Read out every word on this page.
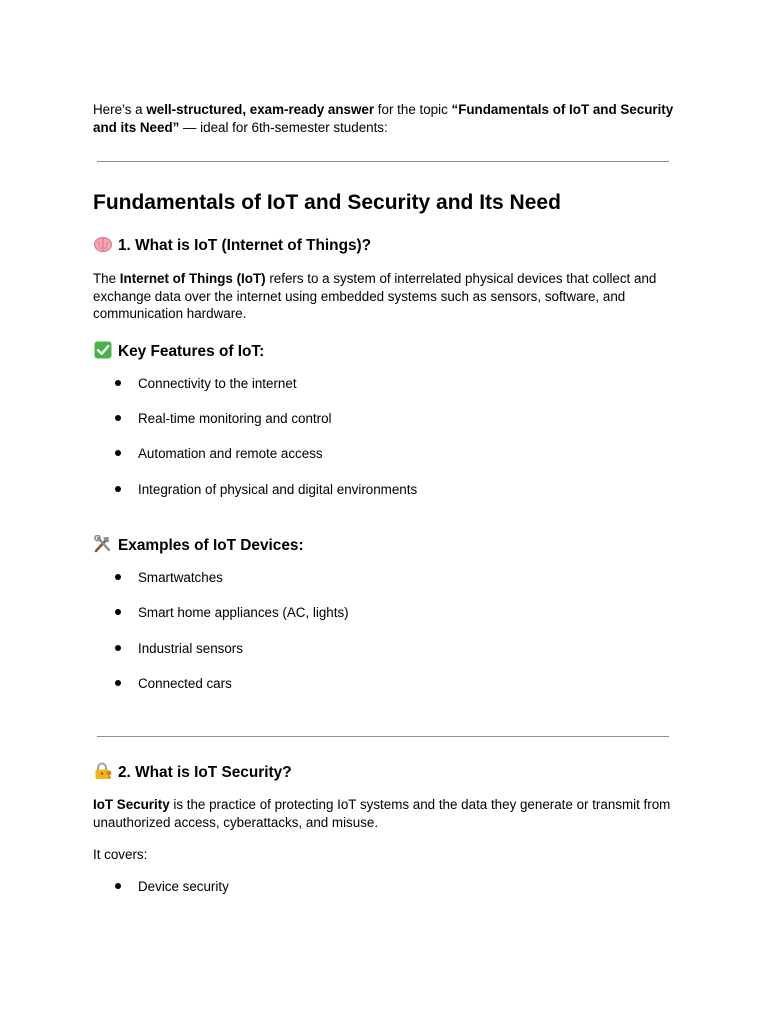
Here’s a well-structured, exam-ready answer for the topic “Fundamentals of IoT and Security and its Need” — ideal for 6th-semester students:

Fundamentals of IoT and Security and Its Need
1. What is IoT (Internet of Things)?

The Internet of Things (IoT) refers to a system of interrelated physical devices that collect and exchange data over the internet using embedded systems such as sensors, software, and communication hardware.

Key Features of IoT:
Connectivity to the internet
Real-time monitoring and control
Automation and remote access
Integration of physical and digital environments
Examples of IoT Devices:
Smartwatches
Smart home appliances (AC, lights)
Industrial sensors
Connected cars
2. What is IoT Security?

IoT Security is the practice of protecting IoT systems and the data they generate or transmit from unauthorized access, cyberattacks, and misuse.

It covers:

Device security
